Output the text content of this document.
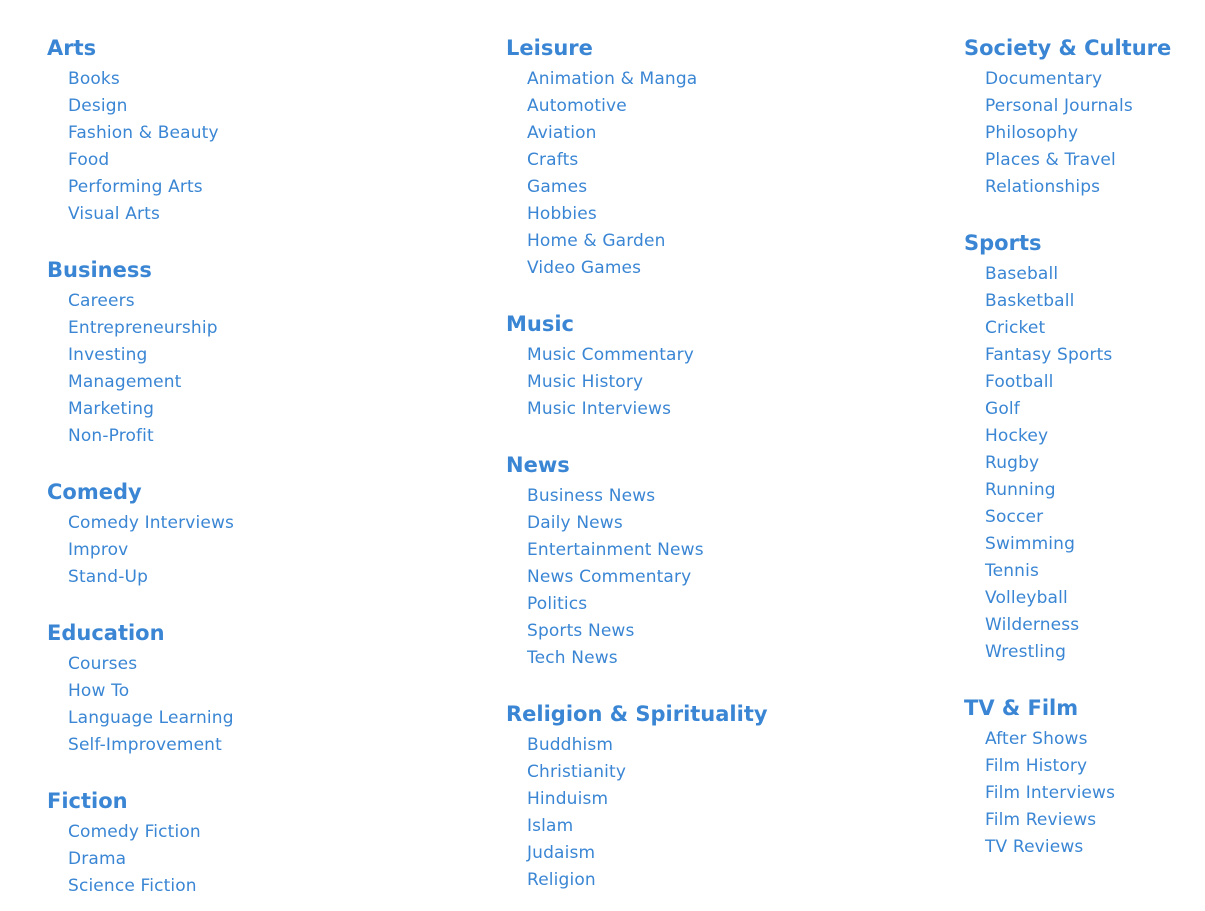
Arts
Books
Design
Fashion & Beauty
Food
Performing Arts
Visual Arts
Business
Careers
Entrepreneurship
Investing
Management
Marketing
Non-Profit
Comedy
Comedy Interviews
Improv
Stand-Up
Education
Courses
How To
Language Learning
Self-Improvement
Fiction
Comedy Fiction
Drama
Science Fiction
Leisure
Animation & Manga
Automotive
Aviation
Crafts
Games
Hobbies
Home & Garden
Video Games
Music
Music Commentary
Music History
Music Interviews
News
Business News
Daily News
Entertainment News
News Commentary
Politics
Sports News
Tech News
Religion & Spirituality
Buddhism
Christianity
Hinduism
Islam
Judaism
Religion
Society & Culture
Documentary
Personal Journals
Philosophy
Places & Travel
Relationships
Sports
Baseball
Basketball
Cricket
Fantasy Sports
Football
Golf
Hockey
Rugby
Running
Soccer
Swimming
Tennis
Volleyball
Wilderness
Wrestling
TV & Film
After Shows
Film History
Film Interviews
Film Reviews
TV Reviews
